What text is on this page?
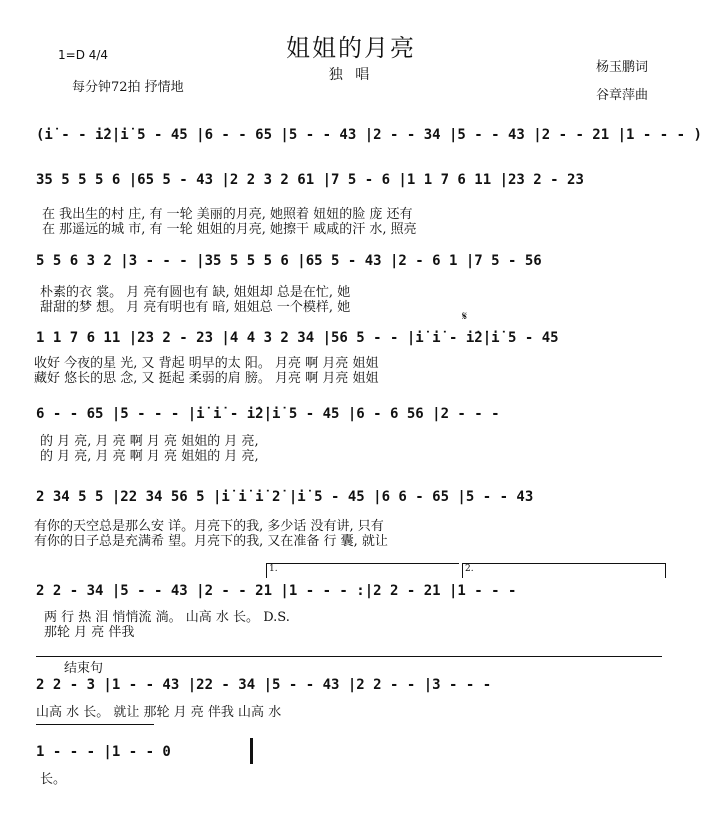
姐姐的月亮
独 唱
1=D 4/4
每分钟72拍 抒情地
杨玉鹏词
谷章萍曲
(i̇ - - i̇2̇|i̇ 5 - 45 |6 - - 65 |5 - - 43 |2 - - 34 |5 - - 43 |2 - - 21 |1 - - - )
35 5 5 5 6 |65 5 - 43 |2 2 3 2 61 |7 5 - 6 |1 1 7 6 11 |23 2 - 23
在 我出生的村 庄, 有 一轮 美丽的月亮, 她照着 妞妞的脸 庞 还有
在 那遥远的城 市, 有 一轮 姐姐的月亮, 她擦干 咸咸的汗 水, 照亮
5 5 6 3 2 |3 - - - |35 5 5 5 6 |65 5 - 43 |2 - 6 1 |7 5 - 56
朴素的衣 裳。 月 亮有圆也有 缺, 姐姐却 总是在忙, 她
甜甜的梦 想。 月 亮有明也有 暗, 姐姐总 一个模样, 她
1 1 7 6 11 |23 2 - 23 |4 4 3 2 34 |56 5 - - |i̇ i̇ - i̇2̇|i̇ 5 - 45
𝄋
收好 今夜的星 光, 又 背起 明早的太 阳。 月亮 啊 月亮 姐姐
藏好 悠长的思 念, 又 挺起 柔弱的肩 膀。 月亮 啊 月亮 姐姐
6 - - 65 |5 - - - |i̇ i̇ - i̇2̇|i̇ 5 - 45 |6 - 6 56 |2 - - -
的 月 亮, 月 亮 啊 月 亮 姐姐的 月 亮,
的 月 亮, 月 亮 啊 月 亮 姐姐的 月 亮,
2 34 5 5 |22 34 56 5 |i̇ i̇ i̇ 2̇ |i̇ 5 - 45 |6 6 - 65 |5 - - 43
有你的天空总是那么安 详。月亮下的我, 多少话 没有讲, 只有
有你的日子总是充满希 望。月亮下的我, 又在准备 行 囊, 就让
1.	2.
2 2 - 34 |5 - - 43 |2 - - 21 |1 - - - :|2 2 - 21 |1 - - -
两 行 热 泪 悄悄流 淌。 山高 水 长。 D.S.
那轮 月 亮 伴我
结束句
2 2 - 3 |1 - - 43 |22 - 34 |5 - - 43 |2 2 - - |3 - - -
山高 水 长。 就让 那轮 月 亮 伴我 山高 水
1 - - - |1 - - 0
长。
